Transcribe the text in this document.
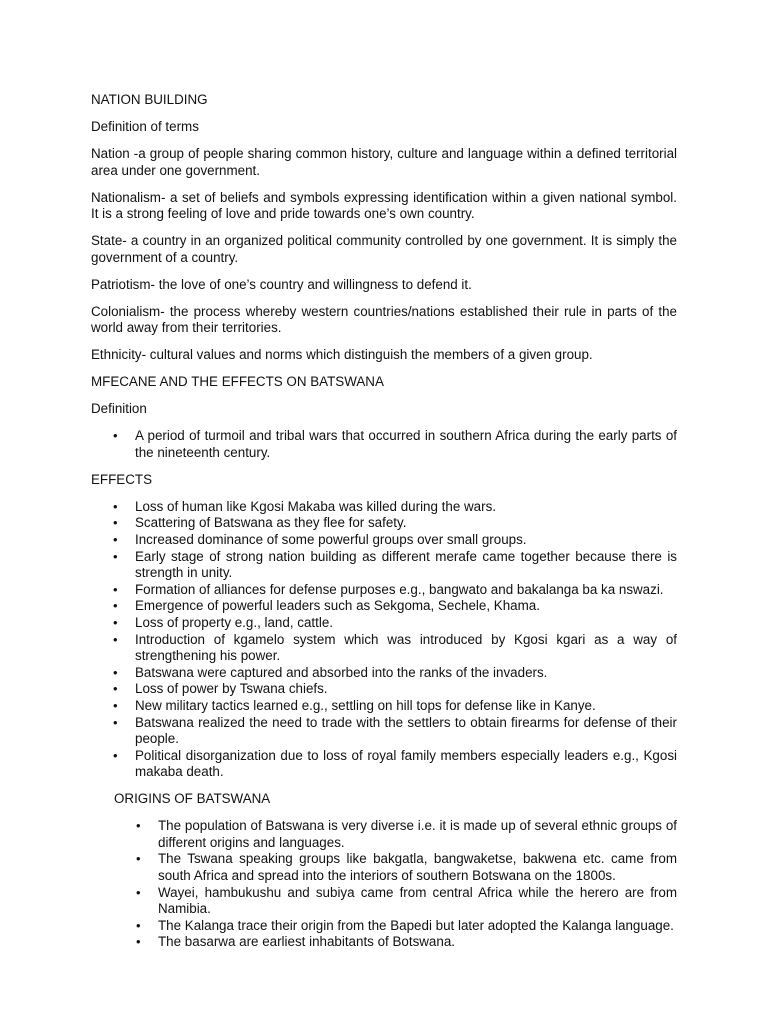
NATION BUILDING

Definition of terms

Nation -a group of people sharing common history, culture and language within a defined territorial area under one government.

Nationalism- a set of beliefs and symbols expressing identification within a given national symbol. It is a strong feeling of love and pride towards one’s own country.

State- a country in an organized political community controlled by one government. It is simply the government of a country.

Patriotism- the love of one’s country and willingness to defend it.

Colonialism- the process whereby western countries/nations established their rule in parts of the world away from their territories.

Ethnicity- cultural values and norms which distinguish the members of a given group.

MFECANE AND THE EFFECTS ON BATSWANA

Definition

• A period of turmoil and tribal wars that occurred in southern Africa during the early parts of the nineteenth century.

EFFECTS

• Loss of human like Kgosi Makaba was killed during the wars.
• Scattering of Batswana as they flee for safety.
• Increased dominance of some powerful groups over small groups.
• Early stage of strong nation building as different merafe came together because there is strength in unity.
• Formation of alliances for defense purposes e.g., bangwato and bakalanga ba ka nswazi.
• Emergence of powerful leaders such as Sekgoma, Sechele, Khama.
• Loss of property e.g., land, cattle.
• Introduction of kgamelo system which was introduced by Kgosi kgari as a way of strengthening his power.
• Batswana were captured and absorbed into the ranks of the invaders.
• Loss of power by Tswana chiefs.
• New military tactics learned e.g., settling on hill tops for defense like in Kanye.
• Batswana realized the need to trade with the settlers to obtain firearms for defense of their people.
• Political disorganization due to loss of royal family members especially leaders e.g., Kgosi makaba death.

ORIGINS OF BATSWANA

• The population of Batswana is very diverse i.e. it is made up of several ethnic groups of different origins and languages.
• The Tswana speaking groups like bakgatla, bangwaketse, bakwena etc. came from south Africa and spread into the interiors of southern Botswana on the 1800s.
• Wayei, hambukushu and subiya came from central Africa while the herero are from Namibia.
• The Kalanga trace their origin from the Bapedi but later adopted the Kalanga language.
• The basarwa are earliest inhabitants of Botswana.
